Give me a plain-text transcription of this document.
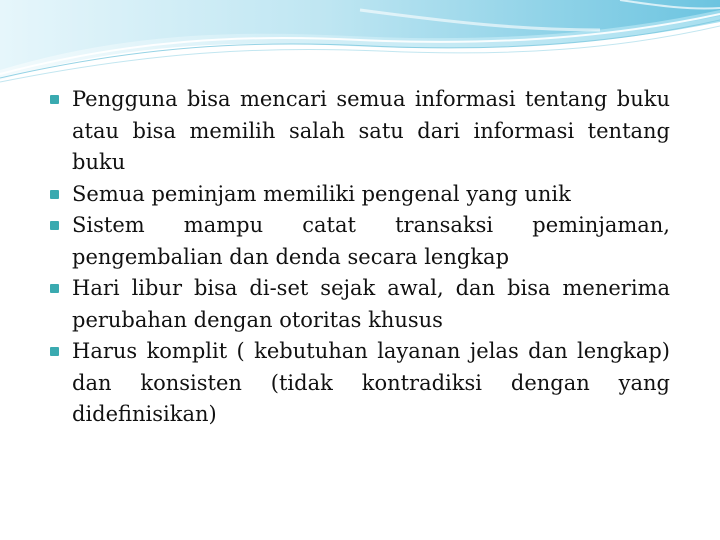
Pengguna bisa mencari semua informasi tentang buku atau bisa memilih salah satu dari informasi tentang buku
Semua peminjam memiliki pengenal yang unik
Sistem mampu catat transaksi peminjaman, pengembalian dan denda secara lengkap
Hari libur bisa di-set sejak awal, dan bisa menerima perubahan dengan otoritas khusus
Harus komplit ( kebutuhan layanan jelas dan lengkap) dan konsisten (tidak kontradiksi dengan yang didefinisikan)
